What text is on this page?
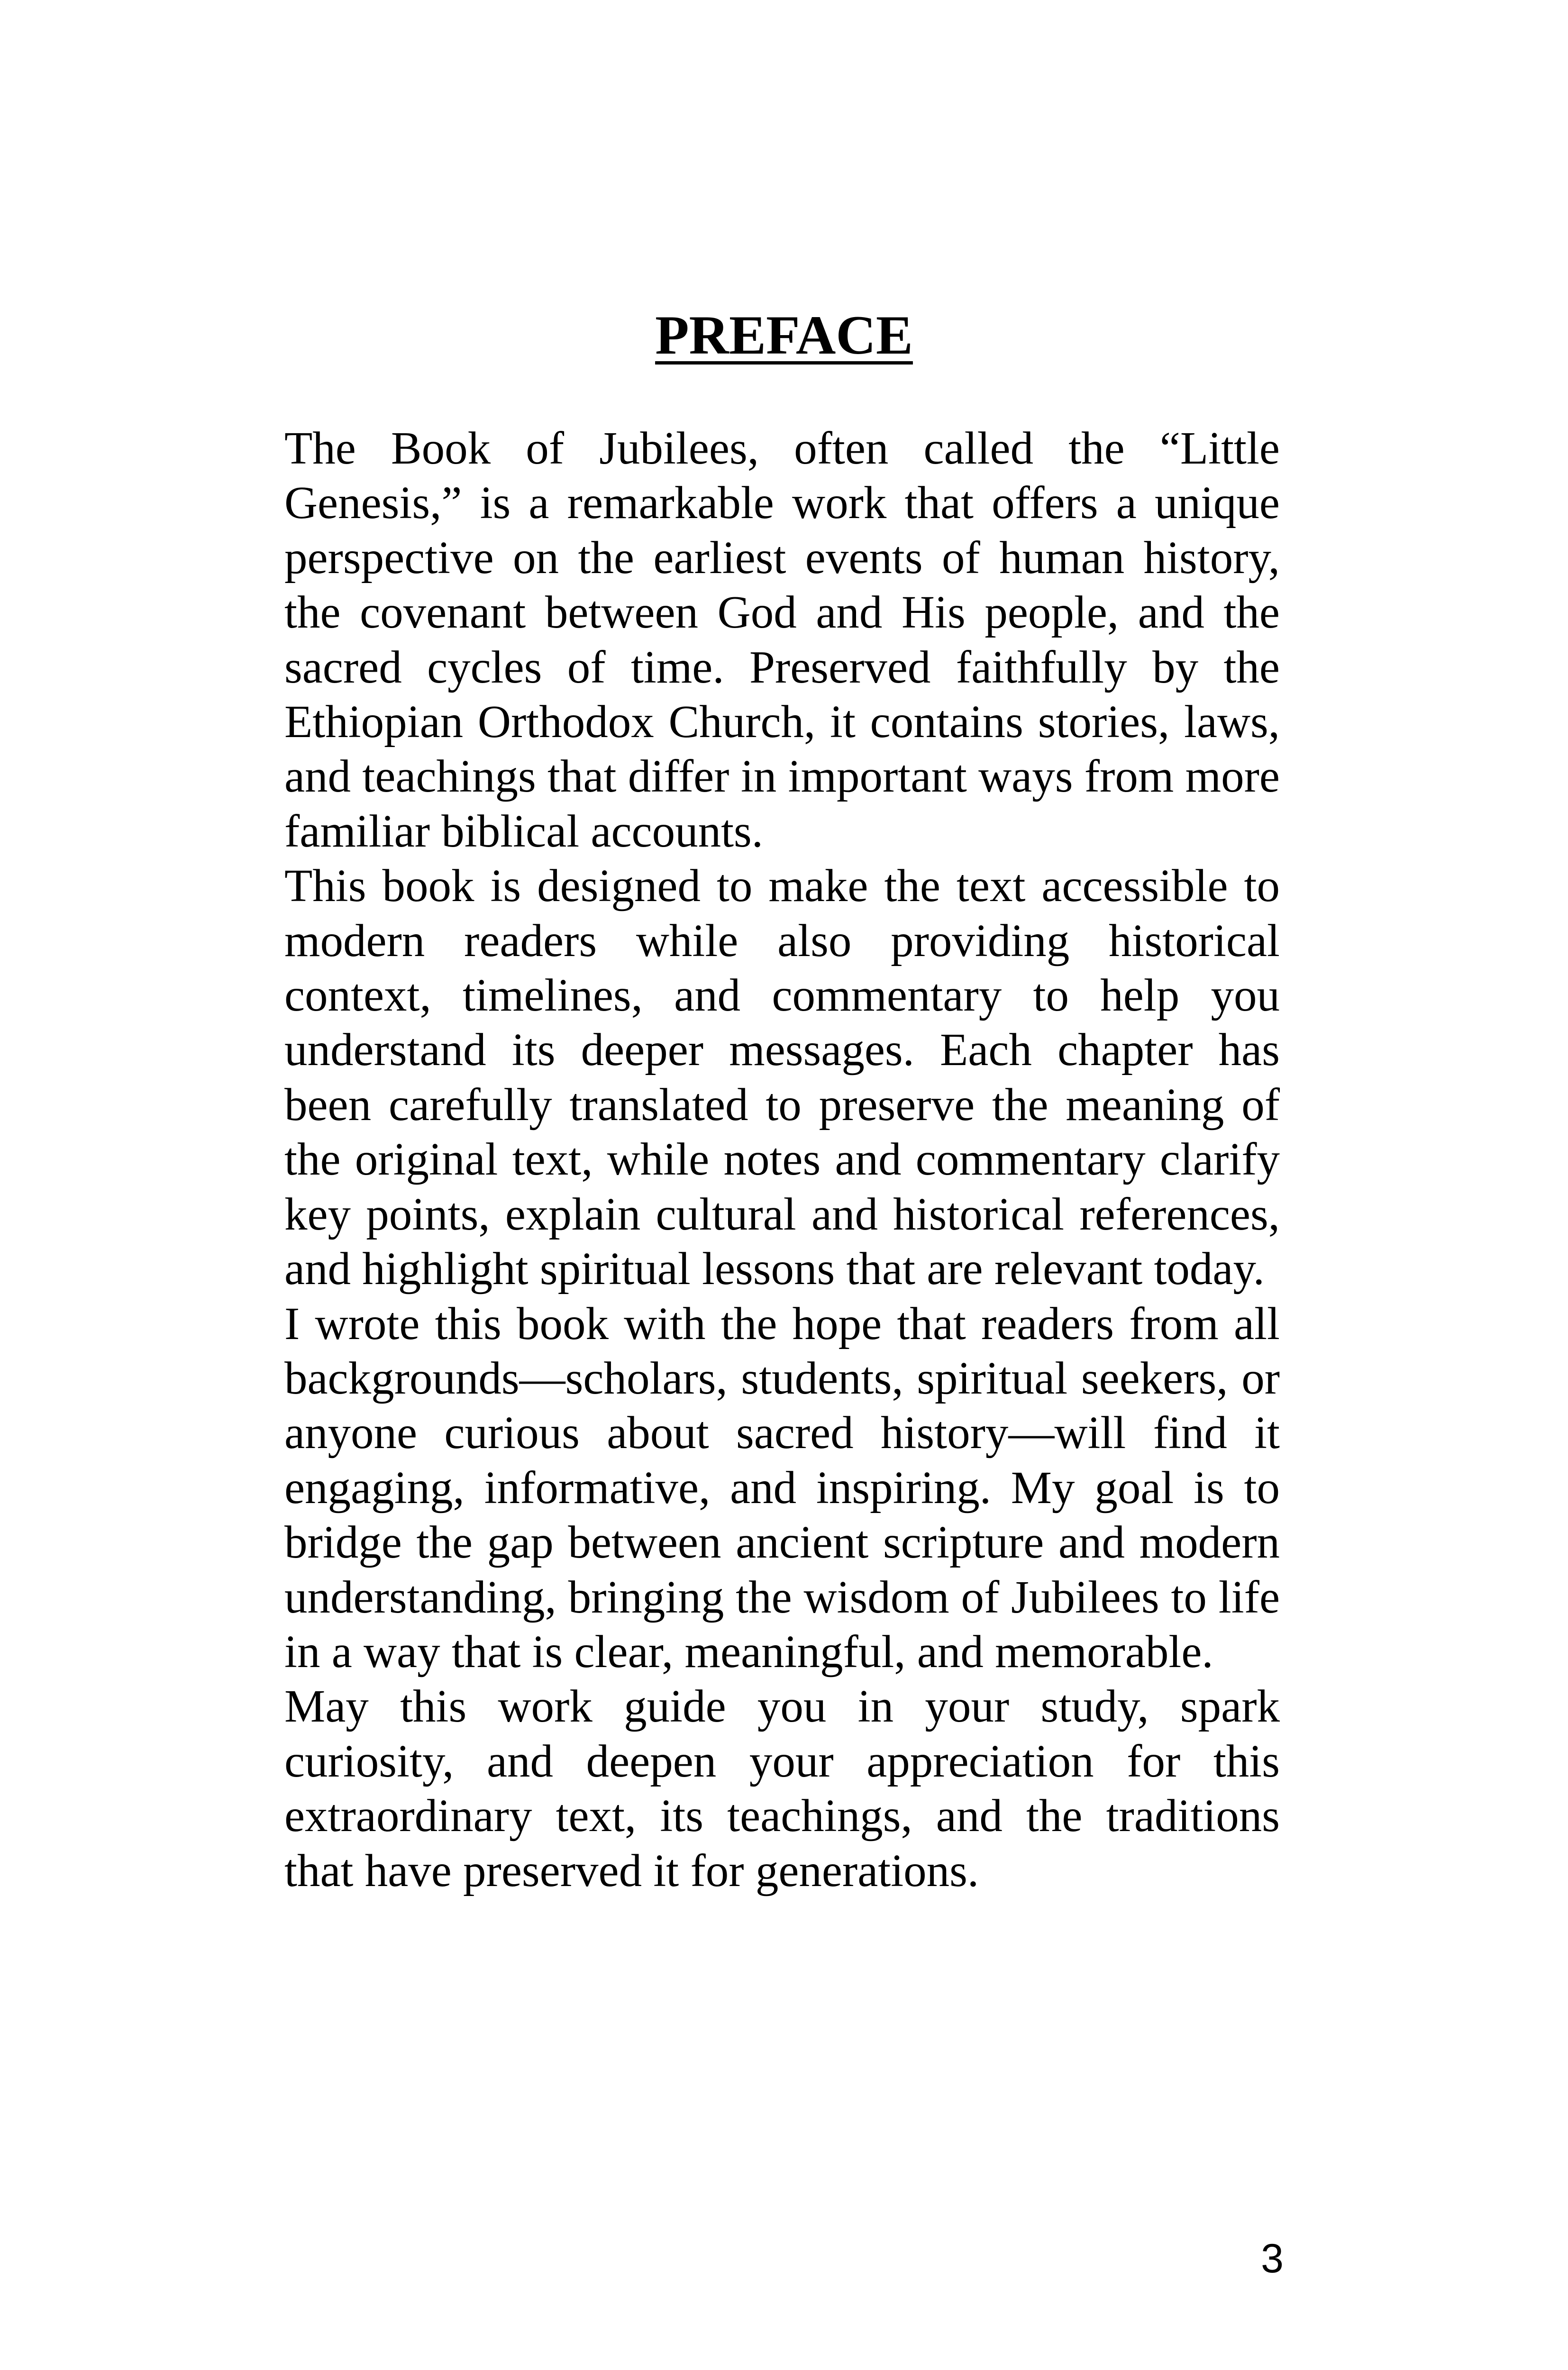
PREFACE

The Book of Jubilees, often called the “Little Genesis,” is a remarkable work that offers a unique perspective on the earliest events of human history, the covenant between God and His people, and the sacred cycles of time. Preserved faithfully by the Ethiopian Orthodox Church, it contains stories, laws, and teachings that differ in important ways from more familiar biblical accounts.

This book is designed to make the text accessible to modern readers while also providing historical context, timelines, and commentary to help you understand its deeper messages. Each chapter has been carefully translated to preserve the meaning of the original text, while notes and commentary clarify key points, explain cultural and historical references, and highlight spiritual lessons that are relevant today.

I wrote this book with the hope that readers from all backgrounds—scholars, students, spiritual seekers, or anyone curious about sacred history—will find it engaging, informative, and inspiring. My goal is to bridge the gap between ancient scripture and modern understanding, bringing the wisdom of Jubilees to life in a way that is clear, meaningful, and memorable.

May this work guide you in your study, spark curiosity, and deepen your appreciation for this extraordinary text, its teachings, and the traditions that have preserved it for generations.

3
